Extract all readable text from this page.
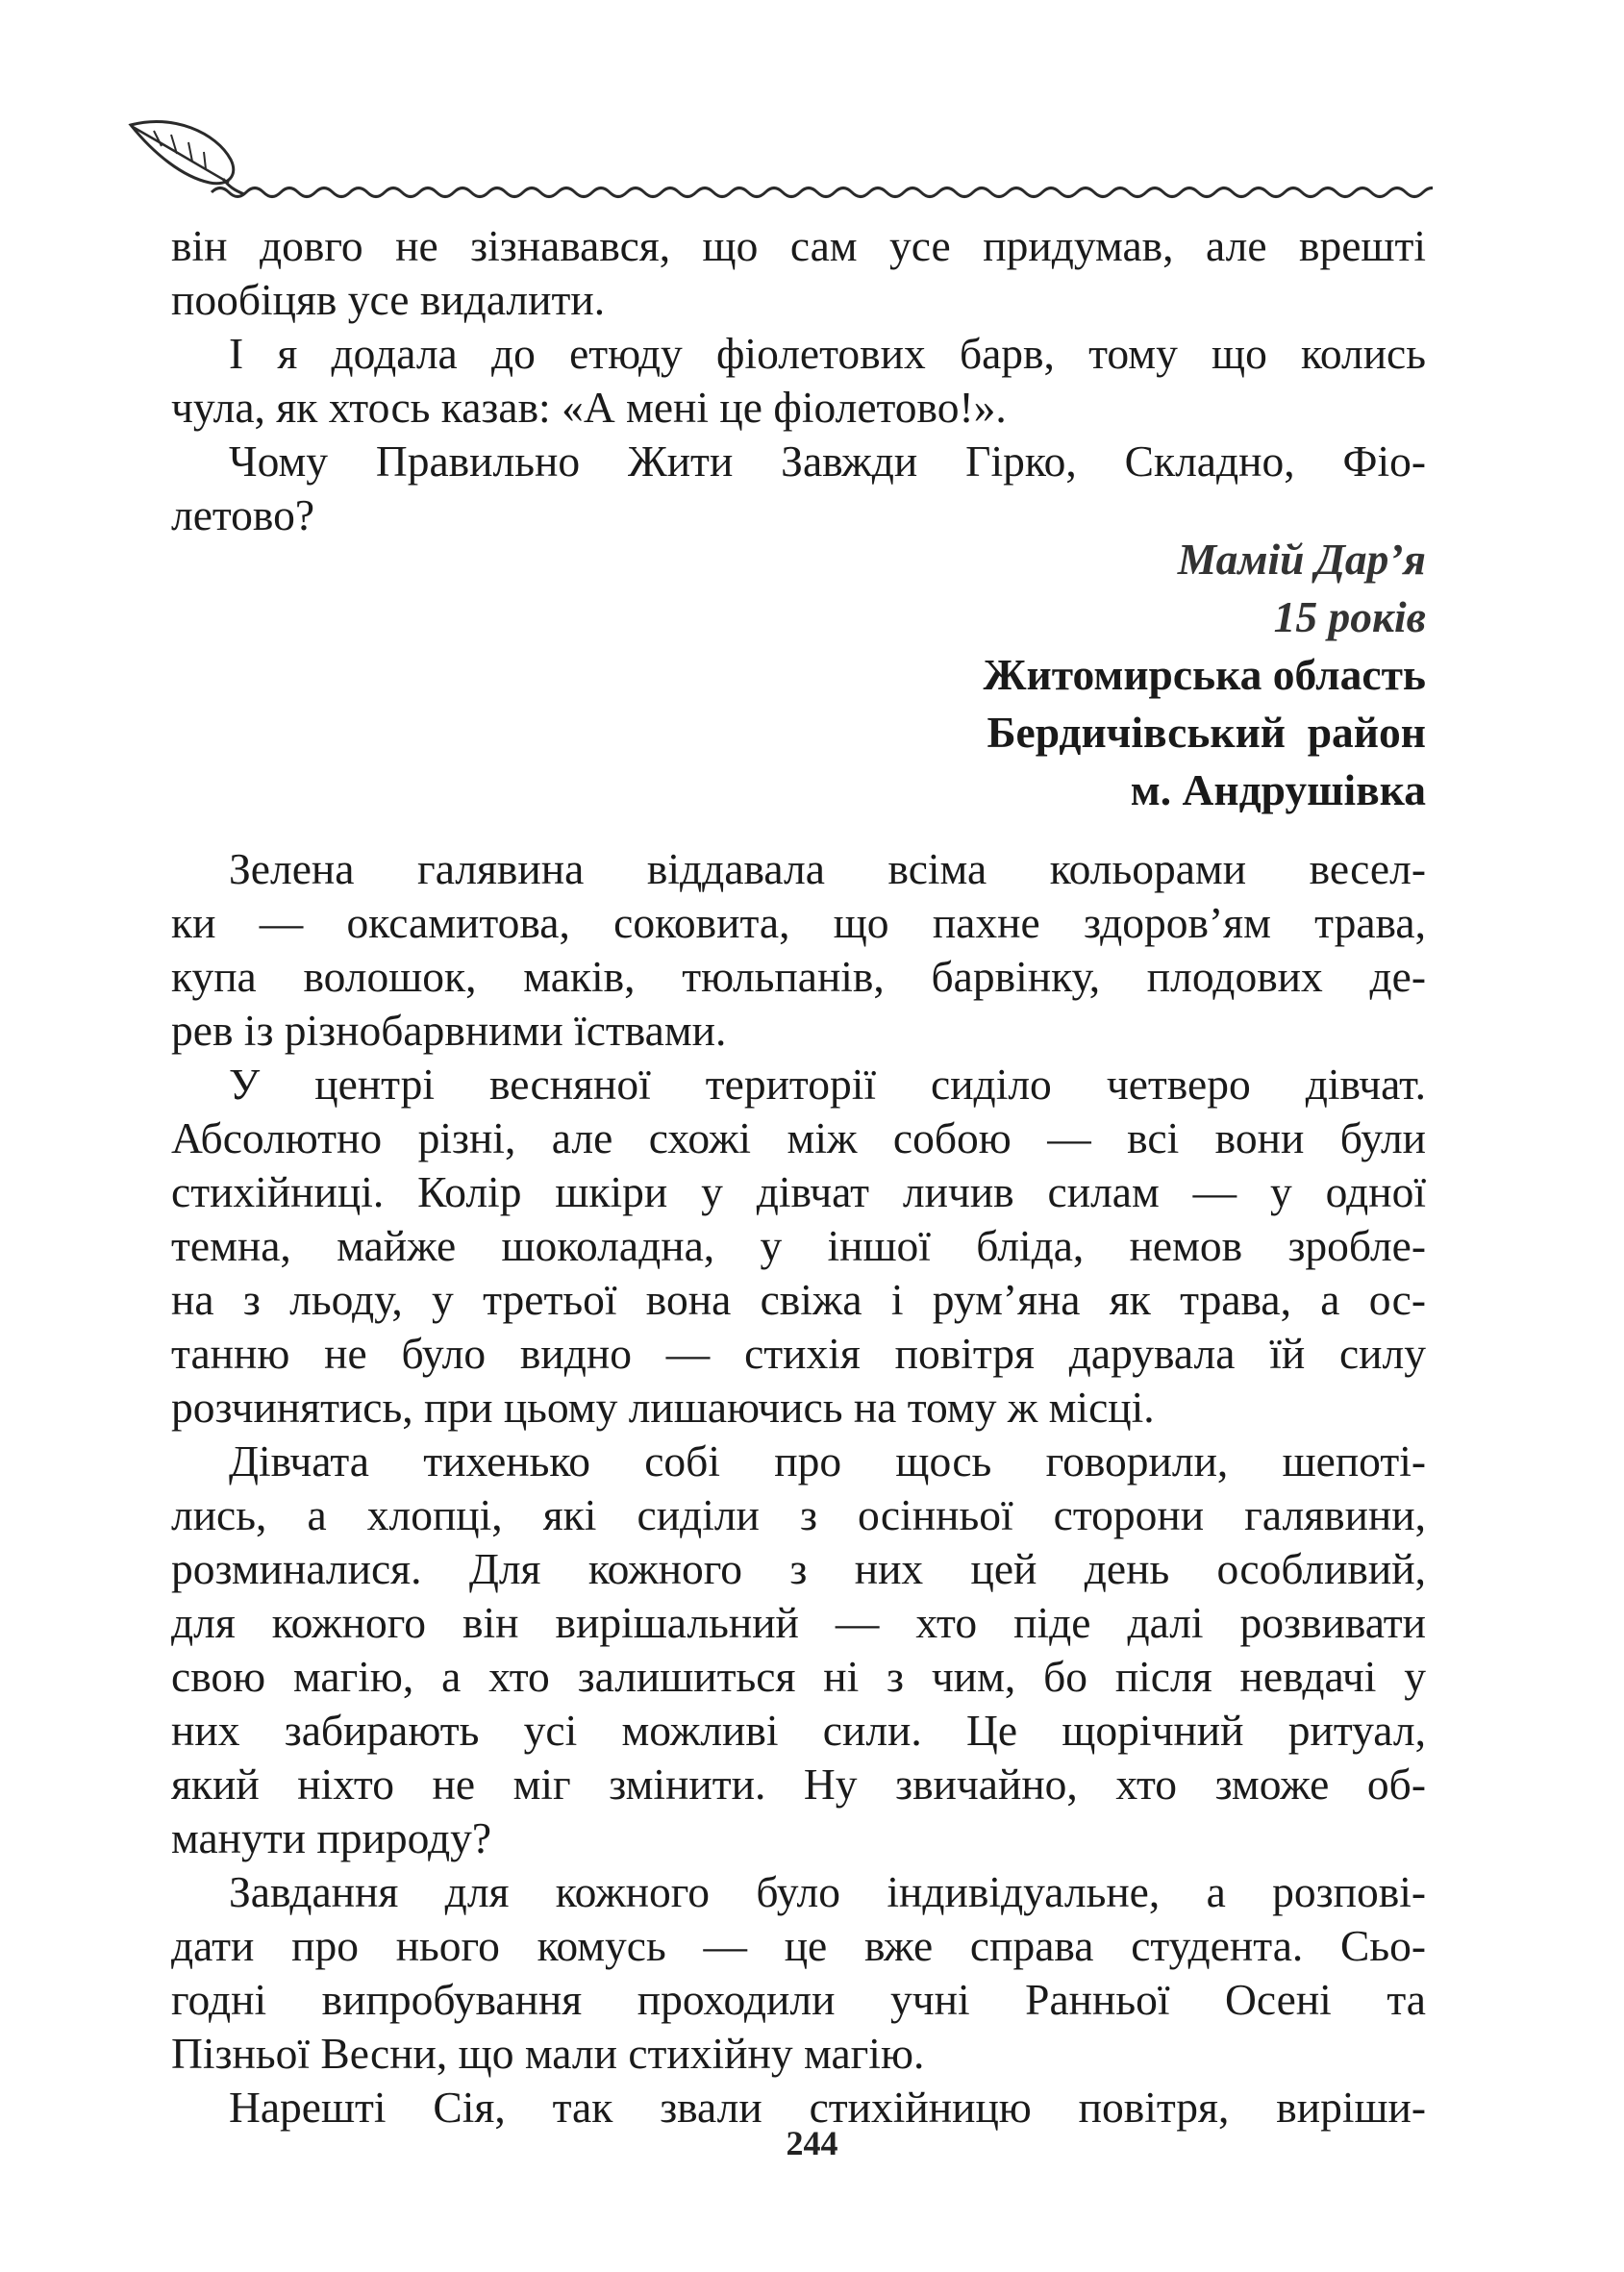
він довго не зізнавався, що сам усе придумав, але врешті
пообіцяв усе видалити.
І я додала до етюду фіолетових барв, тому що колись
чула, як хтось казав: «А мені це фіолетово!».
Чому Правильно Жити Завжди Гірко, Складно, Фіо-
летово?
Мамій Дар’я
15 років
Житомирська область
Бердичівський  район
м. Андрушівка
Зелена галявина віддавала всіма кольорами весел-
ки — оксамитова, соковита, що пахне здоров’ям трава,
купа волошок, маків, тюльпанів, барвінку, плодових де-
рев із різнобарвними їствами.
У центрі весняної території сиділо четверо дівчат.
Абсолютно різні, але схожі між собою — всі вони були
стихійниці. Колір шкіри у дівчат личив силам — у одної
темна, майже шоколадна, у іншої бліда, немов зробле-
на з льоду, у третьої вона свіжа і рум’яна як трава, а ос-
танню не було видно — стихія повітря дарувала їй силу
розчинятись, при цьому лишаючись на тому ж місці.
Дівчата тихенько собі про щось говорили, шепоті-
лись, а хлопці, які сиділи з осінньої сторони галявини,
розминалися. Для кожного з них цей день особливий,
для кожного він вирішальний — хто піде далі розвивати
свою магію, а хто залишиться ні з чим, бо після невдачі у
них забирають усі можливі сили. Це щорічний ритуал,
який ніхто не міг змінити. Ну звичайно, хто зможе об-
манути природу?
Завдання для кожного було індивідуальне, а розпові-
дати про нього комусь — це вже справа студента. Сьо-
годні випробування проходили учні Ранньої Осені та
Пізньої Весни, що мали стихійну магію.
Нарешті Сія, так звали стихійницю повітря, виріши-
244
